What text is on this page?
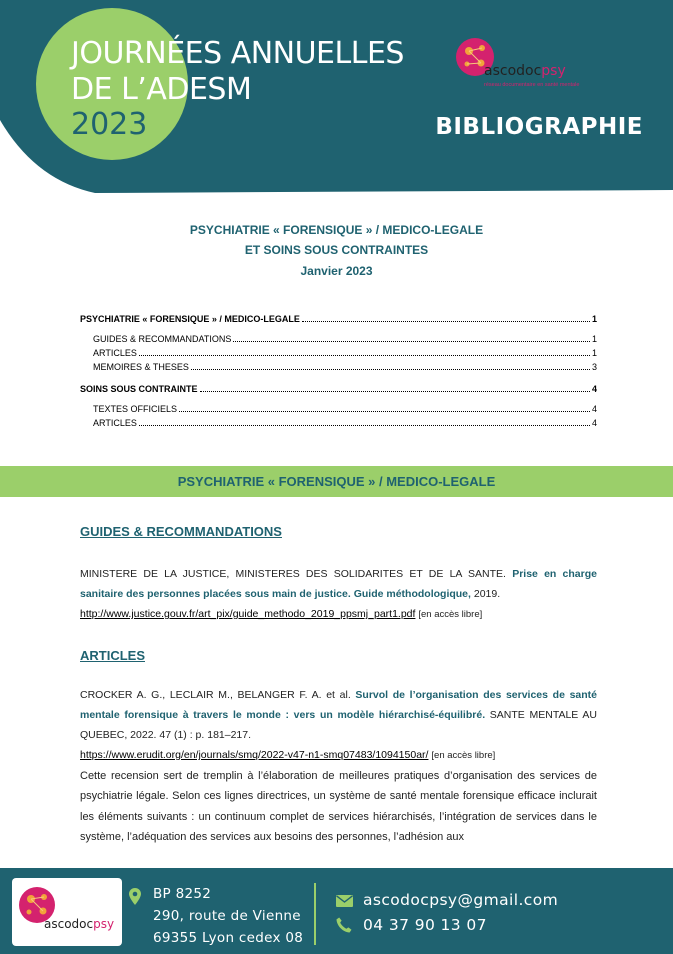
JOURNÉES ANNUELLES
DE L’ADESM
2023	BIBLIOGRAPHIE
ascodocpsy
réseau documentaire en santé mentale
PSYCHIATRIE « FORENSIQUE » / MEDICO-LEGALE
ET SOINS SOUS CONTRAINTES
Janvier 2023
PSYCHIATRIE « FORENSIQUE » / MEDICO-LEGALE	1
GUIDES & RECOMMANDATIONS	1
ARTICLES	1
MEMOIRES & THESES	3
SOINS SOUS CONTRAINTE	4
TEXTES OFFICIELS	4
ARTICLES	4
PSYCHIATRIE « FORENSIQUE » / MEDICO-LEGALE
GUIDES & RECOMMANDATIONS
MINISTERE DE LA JUSTICE, MINISTERES DES SOLIDARITES ET DE LA SANTE. Prise en charge sanitaire des personnes placées sous main de justice. Guide méthodologique, 2019.
http://www.justice.gouv.fr/art_pix/guide_methodo_2019_ppsmj_part1.pdf [en accès libre]
ARTICLES
CROCKER A. G., LECLAIR M., BELANGER F. A. et al. Survol de l’organisation des services de santé mentale forensique à travers le monde : vers un modèle hiérarchisé-équilibré. SANTE MENTALE AU QUEBEC, 2022. 47 (1) : p. 181–217.
https://www.erudit.org/en/journals/smq/2022-v47-n1-smq07483/1094150ar/ [en accès libre]
Cette recension sert de tremplin à l’élaboration de meilleures pratiques d’organisation des services de psychiatrie légale. Selon ces lignes directrices, un système de santé mentale forensique efficace inclurait les éléments suivants : un continuum complet de services hiérarchisés, l’intégration de services dans le système, l’adéquation des services aux besoins des personnes, l’adhésion aux
ascodocpsy
BP 8252
290, route de Vienne
69355 Lyon cedex 08
ascodocpsy@gmail.com
04 37 90 13 07
